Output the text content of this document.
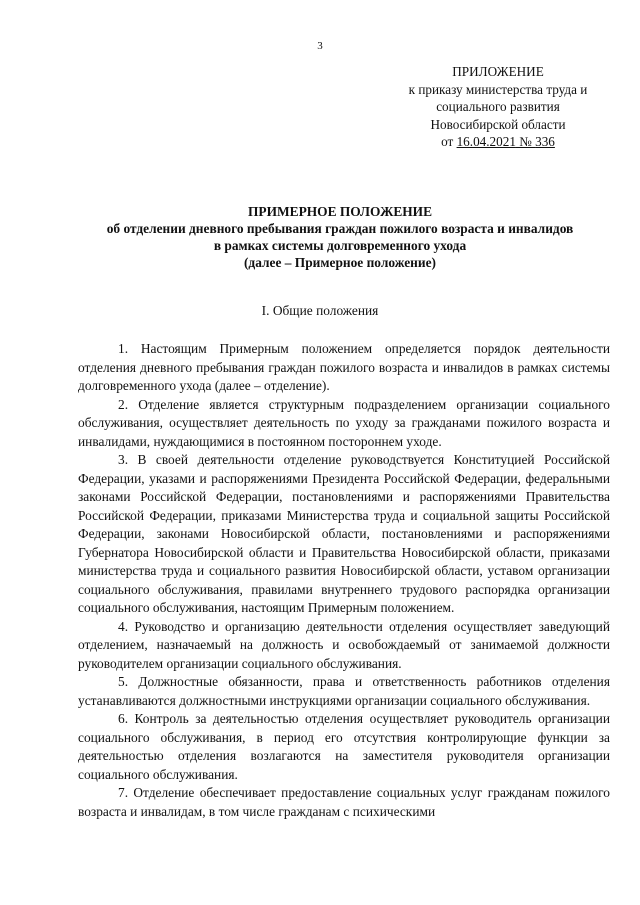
3
ПРИЛОЖЕНИЕ
к приказу министерства труда и
социального развития
Новосибирской области
от 16.04.2021 № 336
ПРИМЕРНОЕ ПОЛОЖЕНИЕ
об отделении дневного пребывания граждан пожилого возраста и инвалидов
в рамках системы долговременного ухода
(далее – Примерное положение)
I. Общие положения

1. Настоящим Примерным положением определяется порядок деятельности отделения дневного пребывания граждан пожилого возраста и инвалидов в рамках системы долговременного ухода (далее – отделение).

2. Отделение является структурным подразделением организации социального обслуживания, осуществляет деятельность по уходу за гражданами пожилого возраста и инвалидами, нуждающимися в постоянном постороннем уходе.

3. В своей деятельности отделение руководствуется Конституцией Российской Федерации, указами и распоряжениями Президента Российской Федерации, федеральными законами Российской Федерации, постановлениями и распоряжениями Правительства Российской Федерации, приказами Министерства труда и социальной защиты Российской Федерации, законами Новосибирской области, постановлениями и распоряжениями Губернатора Новосибирской области и Правительства Новосибирской области, приказами министерства труда и социального развития Новосибирской области, уставом организации социального обслуживания, правилами внутреннего трудового распорядка организации социального обслуживания, настоящим Примерным положением.

4. Руководство и организацию деятельности отделения осуществляет заведующий отделением, назначаемый на должность и освобождаемый от занимаемой должности руководителем организации социального обслуживания.

5. Должностные обязанности, права и ответственность работников отделения устанавливаются должностными инструкциями организации социального обслуживания.

6. Контроль за деятельностью отделения осуществляет руководитель организации социального обслуживания, в период его отсутствия контролирующие функции за деятельностью отделения возлагаются на заместителя руководителя организации социального обслуживания.

7. Отделение обеспечивает предоставление социальных услуг гражданам пожилого возраста и инвалидам, в том числе гражданам с психическими
